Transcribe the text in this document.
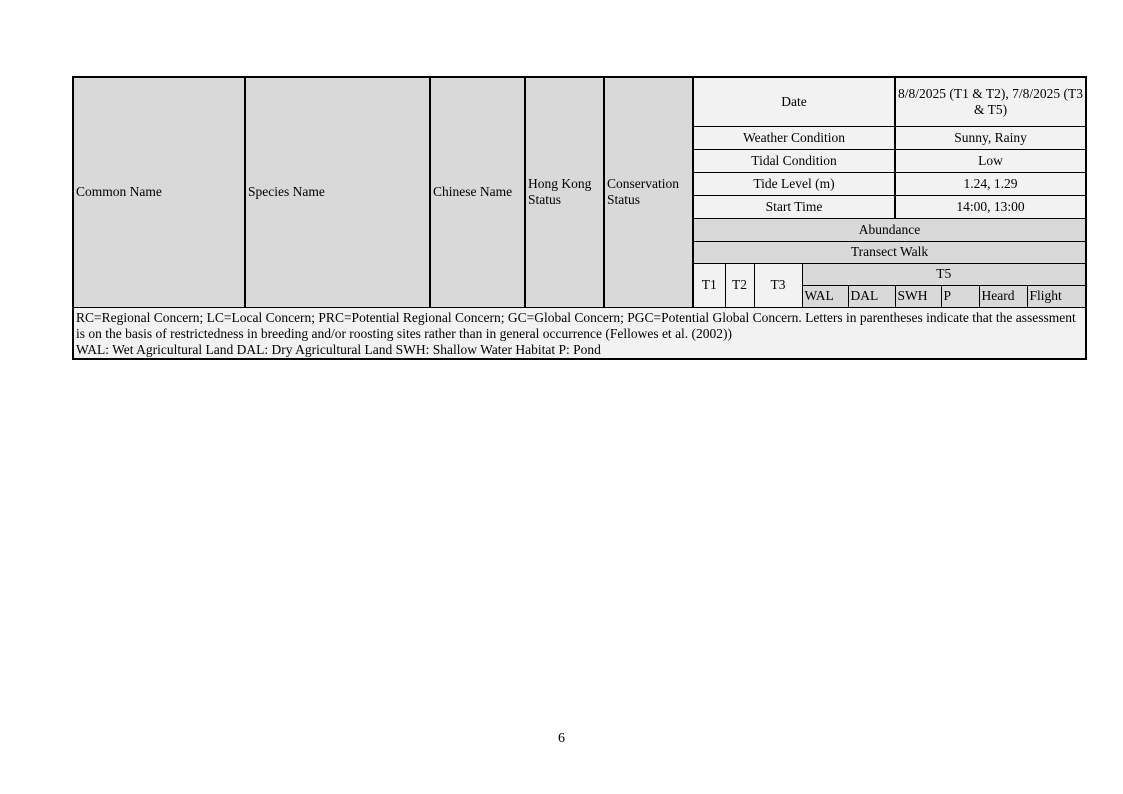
Common Name	Species Name	Chinese Name	Hong Kong Status	Conservation Status	Date					8/8/2025 (T1 & T2), 7/8/2025 (T3 & T5)			
					Weather Condition					Sunny, Rainy			
					Tidal Condition					Low			
					Tide Level (m)					1.24, 1.29			
					Start Time					14:00, 13:00			
					Abundance								
					Transect Walk								
					T1	T2	T3	T5					
								WAL	DAL	SWH	P	Heard	Flight

RC=Regional Concern; LC=Local Concern; PRC=Potential Regional Concern; GC=Global Concern; PGC=Potential Global Concern. Letters in parentheses indicate that the assessment is on the basis of restrictedness in breeding and/or roosting sites rather than in general occurrence (Fellowes et al. (2002))

WAL: Wet Agricultural Land DAL: Dry Agricultural Land SWH: Shallow Water Habitat P: Pond													

6
